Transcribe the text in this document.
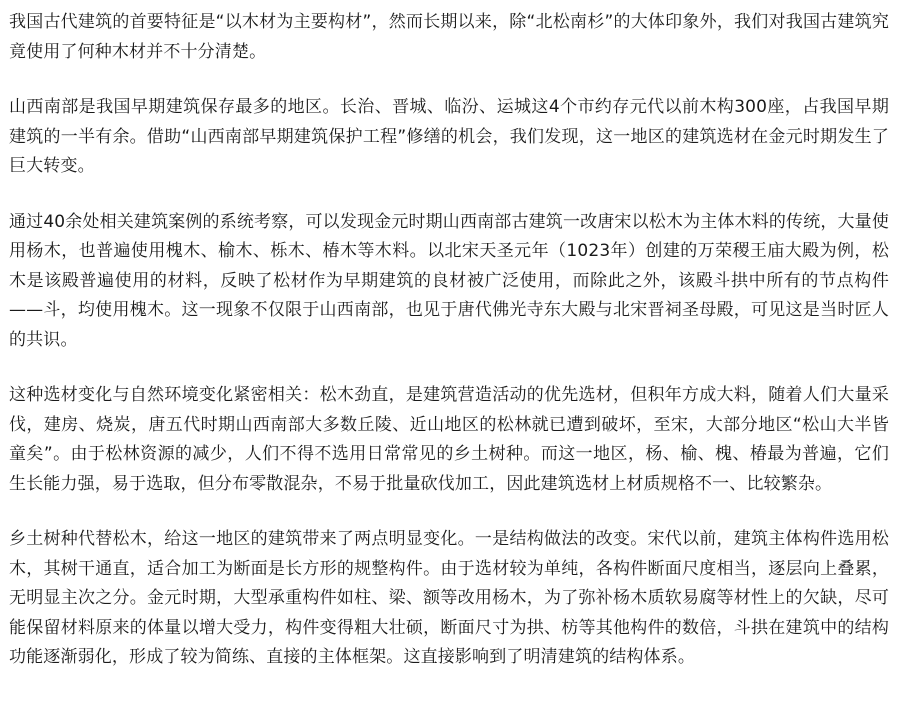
我国古代建筑的首要特征是“以木材为主要构材”，然而长期以来，除“北松南杉”的大体印象外，我们对我国古建筑究竟使用了何种木材并不十分清楚。

山西南部是我国早期建筑保存最多的地区。长治、晋城、临汾、运城这4个市约存元代以前木构300座，占我国早期建筑的一半有余。借助“山西南部早期建筑保护工程”修缮的机会，我们发现，这一地区的建筑选材在金元时期发生了巨大转变。

通过40余处相关建筑案例的系统考察，可以发现金元时期山西南部古建筑一改唐宋以松木为主体木料的传统，大量使用杨木，也普遍使用槐木、榆木、栎木、椿木等木料。以北宋天圣元年（1023年）创建的万荣稷王庙大殿为例，松木是该殿普遍使用的材料，反映了松材作为早期建筑的良材被广泛使用，而除此之外，该殿斗拱中所有的节点构件——斗，均使用槐木。这一现象不仅限于山西南部，也见于唐代佛光寺东大殿与北宋晋祠圣母殿，可见这是当时匠人的共识。

这种选材变化与自然环境变化紧密相关：松木劲直，是建筑营造活动的优先选材，但积年方成大料，随着人们大量采伐，建房、烧炭，唐五代时期山西南部大多数丘陵、近山地区的松林就已遭到破坏，至宋，大部分地区“松山大半皆童矣”。由于松林资源的减少，人们不得不选用日常常见的乡土树种。而这一地区，杨、榆、槐、椿最为普遍，它们生长能力强，易于选取，但分布零散混杂，不易于批量砍伐加工，因此建筑选材上材质规格不一、比较繁杂。

乡土树种代替松木，给这一地区的建筑带来了两点明显变化。一是结构做法的改变。宋代以前，建筑主体构件选用松木，其树干通直，适合加工为断面是长方形的规整构件。由于选材较为单纯，各构件断面尺度相当，逐层向上叠累，无明显主次之分。金元时期，大型承重构件如柱、梁、额等改用杨木，为了弥补杨木质软易腐等材性上的欠缺，尽可能保留材料原来的体量以增大受力，构件变得粗大壮硕，断面尺寸为拱、枋等其他构件的数倍，斗拱在建筑中的结构功能逐渐弱化，形成了较为简练、直接的主体框架。这直接影响到了明清建筑的结构体系。
